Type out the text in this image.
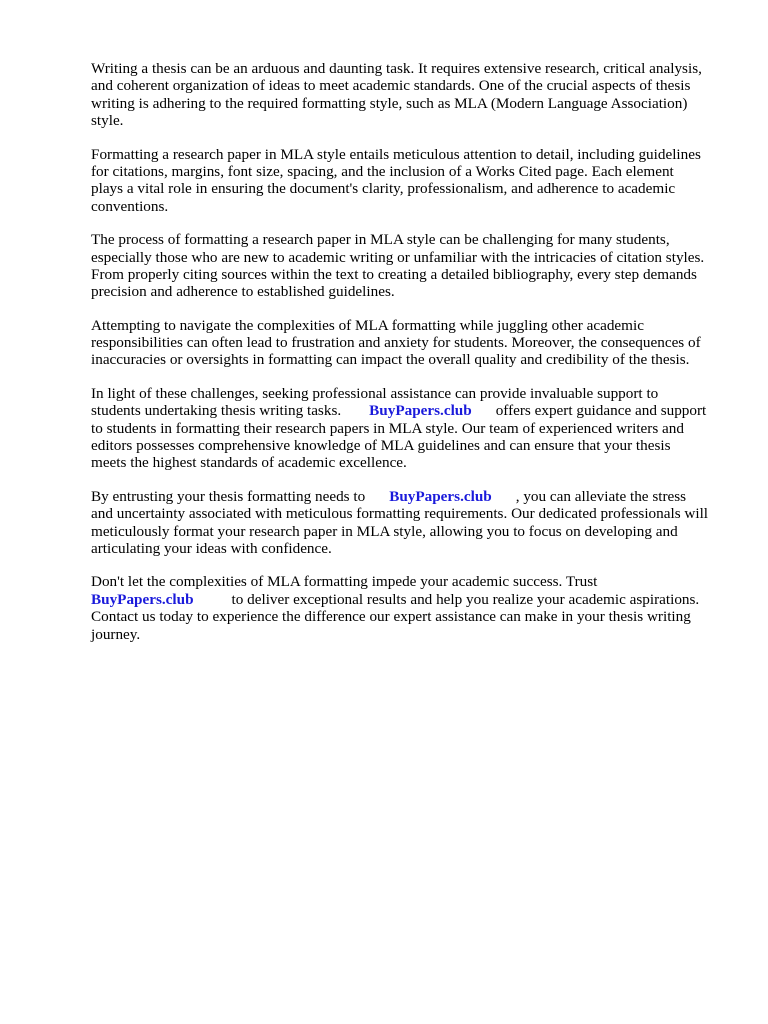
Writing a thesis can be an arduous and daunting task. It requires extensive research, critical analysis,
and coherent organization of ideas to meet academic standards. One of the crucial aspects of thesis
writing is adhering to the required formatting style, such as MLA (Modern Language Association)
style.

Formatting a research paper in MLA style entails meticulous attention to detail, including guidelines
for citations, margins, font size, spacing, and the inclusion of a Works Cited page. Each element
plays a vital role in ensuring the document's clarity, professionalism, and adherence to academic
conventions.

The process of formatting a research paper in MLA style can be challenging for many students,
especially those who are new to academic writing or unfamiliar with the intricacies of citation styles.
From properly citing sources within the text to creating a detailed bibliography, every step demands
precision and adherence to established guidelines.

Attempting to navigate the complexities of MLA formatting while juggling other academic
responsibilities can often lead to frustration and anxiety for students. Moreover, the consequences of
inaccuracies or oversights in formatting can impact the overall quality and credibility of the thesis.

In light of these challenges, seeking professional assistance can provide invaluable support to
students undertaking thesis writing tasks. BuyPapers.club offers expert guidance and support
to students in formatting their research papers in MLA style. Our team of experienced writers and
editors possesses comprehensive knowledge of MLA guidelines and can ensure that your thesis
meets the highest standards of academic excellence.

By entrusting your thesis formatting needs to BuyPapers.club , you can alleviate the stress
and uncertainty associated with meticulous formatting requirements. Our dedicated professionals will
meticulously format your research paper in MLA style, allowing you to focus on developing and
articulating your ideas with confidence.

Don't let the complexities of MLA formatting impede your academic success. Trust
BuyPapers.club	to deliver exceptional results and help you realize your academic aspirations.
Contact us today to experience the difference our expert assistance can make in your thesis writing
journey.
